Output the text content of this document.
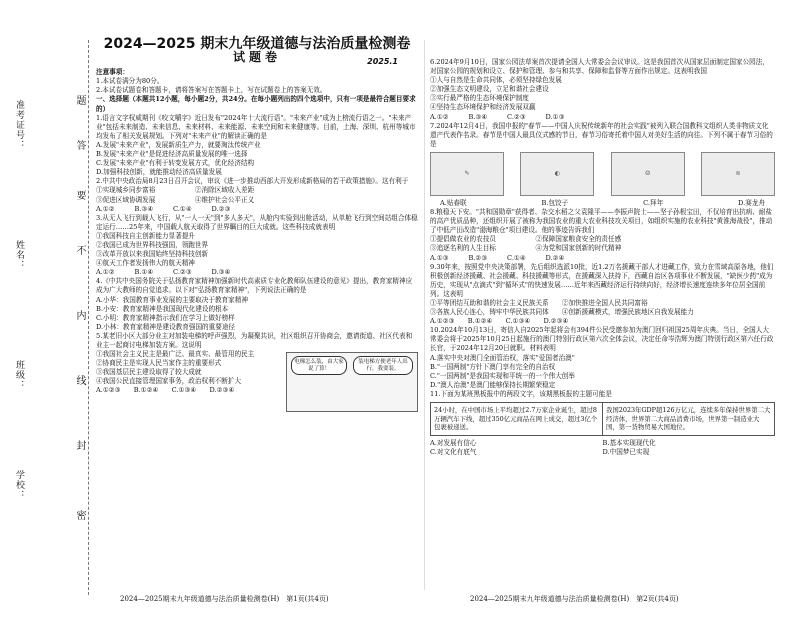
学校：
班级：
姓名：
准考证号：
密
封
线
内
不
要
答
题
2024—2025 期末九年级道德与法治质量检测卷
试题卷	2025.1
注意事项：
1.本试卷满分为80分。
2.本试卷试题卷和答题卡，请将答案写在答题卡上，写在试题卷上的答案无效。
一、选择题（本题共12小题，每小题2分，共24分。在每小题列出的四个选项中，只有一项是最符合题目要求的）
1.语言文字权威期刊《咬文嚼字》近日发布"2024年十大流行语"。"未来产业"成为上榜流行语之一。"未来产业"包括未来制造、未来信息、未来材料、未来能源、未来空间和未来健康等。目前，上海、深圳、杭州等城市均发布了相关发展规划。下列对"未来产业"的解读正确的是
A.发展"未来产业"，发展新质生产力，就要淘汰传统产业
B.发展"未来产业"是促进经济高质量发展的唯一选择
C.发展"未来产业"有利于转变发展方式，优化经济结构
D.加强科技创新，就能推动经济高质量发展
2.中共中央政治局8月23日召开会议，审议《进一步推动西部大开发形成新格局的若干政策措施》。这有利于
①实现城乡同步富裕　　　　　　②消除区域收入差距
③促进区域协调发展　　　　　　④维护社会公平正义
A.①②　　　B.③④　　　C.①④　　　D.②③
3.从无人飞行到载人飞行，从"一人一天"到"多人多天"，从舱内实验到出舱活动，从单舱飞行到空间站组合体稳定运行……25年来，中国载人航天取得了世界瞩目的巨大成就。这些科技成就表明
①我国科技自主创新能力显著提升
②我国已成为世界科技强国，领跑世界
③改革开放以来我国始终坚持科技创新
④航天工作者发扬伟大的航天精神
A.①②　　　B.①④　　　C.②③　　　D.③④
4.《中共中央国务院关于弘扬教育家精神加强新时代高素质专业化教师队伍建设的意见》提出，教育家精神应成为广大教师的自觉追求。以下对"弘扬教育家精神"，下列说法正确的是
A.小华：我国教育事业发展的主要取决于教育家精神
B.小安：教育家精神是我国现代化建设的根本
C.小明：教育家精神指示我们在学习上做好榜样
D.小林：教育家精神是建设教育强国的重要途径
5.某老旧小区大部分业主对加装电梯的呼声强烈，为凝聚共识，社区组织召开协商会，邀请街道、社区代表和业主一起商讨电梯加装方案。这说明
电梯怎么装，由大家说了算！
装电梯方便老年人出行，我要装。
①我国社会主义民主是最广泛、最真实、最管用的民主
②协商民主是实现人民当家作主的重要形式
③我国基层民主建设取得了较大成就
④我国公民直接管理国家事务，政治权利不断扩大
A.①②③　　B.①②④　　C.①③④　　D.②③④
6.2024年9月10日，国家公园法草案首次提请全国人大常委会会议审议。这是我国首次从国家层面制定国家公园法，对国家公园的规划和设立、保护和管理、参与和共享、保障和监督等方面作出规定。这表明我国
①人与自然是生命共同体，必须坚持绿色发展
②加强生态文明建设，立足和谐社会建设
③实行最严格的生态环境保护制度
④坚持生态环境保护和经济发展双赢
A.①②　　　B.③④　　　C.②③　　　D.①③
7.2024年12月4日，我国申报的"春节——中国人庆祝传统新年的社会实践"被列入联合国教科文组织人类非物质文化遗产代表作名录。春节是中国人最具仪式感的节日，春节习俗寄托着中国人对美好生活的向往。下列不属于春节习俗的是
✎	◐	☺	≋
A.贴春联	B.包饺子	C.拜年	D.赛龙舟
8.粮稳天下安。"共和国勋章"获得者、杂交水稻之父袁隆平——李振声院士——坚子孙根宝田，不仅培育出抗病、耐盐的高产优质品种，还组织开展了被称为我国农业的重大农业科技攻关项目，如组织实施的农业科技"黄淮海战役"，推动了中低产田改造"渤海粮仓"项目建设。他的事迹告诉我们
①提倡做农业的农技员　　　　　　②保障国家粮食安全的责任感
③追逐名利的人生目标　　　　　　④为党和国家创新的时代精神
A.①③　　　B.②③　　　C.①④　　　D.②④
9.30年来，按照党中央决策部署，先后组织选派10批，近1.2万名援藏干部人才进藏工作，致力在雪域高原各地，他们积极创新经济援藏、社会援藏、科技援藏等形式，在援藏深入扶持下，西藏自治区各项事业不断发展，"缺医少药"成为历史，实现从"点滴式"到"循环式"的快速发展……近年来西藏经济运行持续向好，经济增长速度连续多年位居全国前列。这表明
①平等团结互助和谐的社会主义民族关系　　②加快推进全国人民共同富裕
③各族人民心连心，铸牢中华民族共同体　　④创新援藏模式，增强民族地区自我发展能力
A.①②③　　B.①②④　　C.①③④　　D.②③④
10.2024年10月13日，寄信人自2025年起将会有394件公民受邀参加为澳门回归祖国25周年庆典。当日，全国人大常委会将于2025年10月25日起施行的澳门特别行政区第六次全体会议，决定任命岑浩辉为澳门特别行政区第六任行政长官，于2024年12月20日就职。材料表明
A.落实中央对澳门全面管治权，落实"爱国者治澳"
B."一国两制"方针下澳门享有完全的自治权
C."一国两制"是我国实现和平统一的一个伟大创举
D."澳人治澳"是澳门能够保持长期繁荣稳定
11.下面为某班黑板报中的两段文字，该期黑板报的主题可能是
24小时，在中国市场上平均超过2.7万家企业诞生，超过8万辆汽车下线，超过350亿元商品在网上成交，超过3亿个包裹被递送。
我国2023年GDP超126万亿元，连续多年保持世界第二大经济体，世界第二大商品消费市场，世界第一制造业大国，第一货物贸易大国地位。
A.对发展有信心	B.基本实现现代化
C.对文化有底气	D.中国梦已实现
2024—2025期末九年级道德与法治质量检测卷(H)　第1页(共4页)	2024—2025期末九年级道德与法治质量检测卷(H)　第2页(共4页)
